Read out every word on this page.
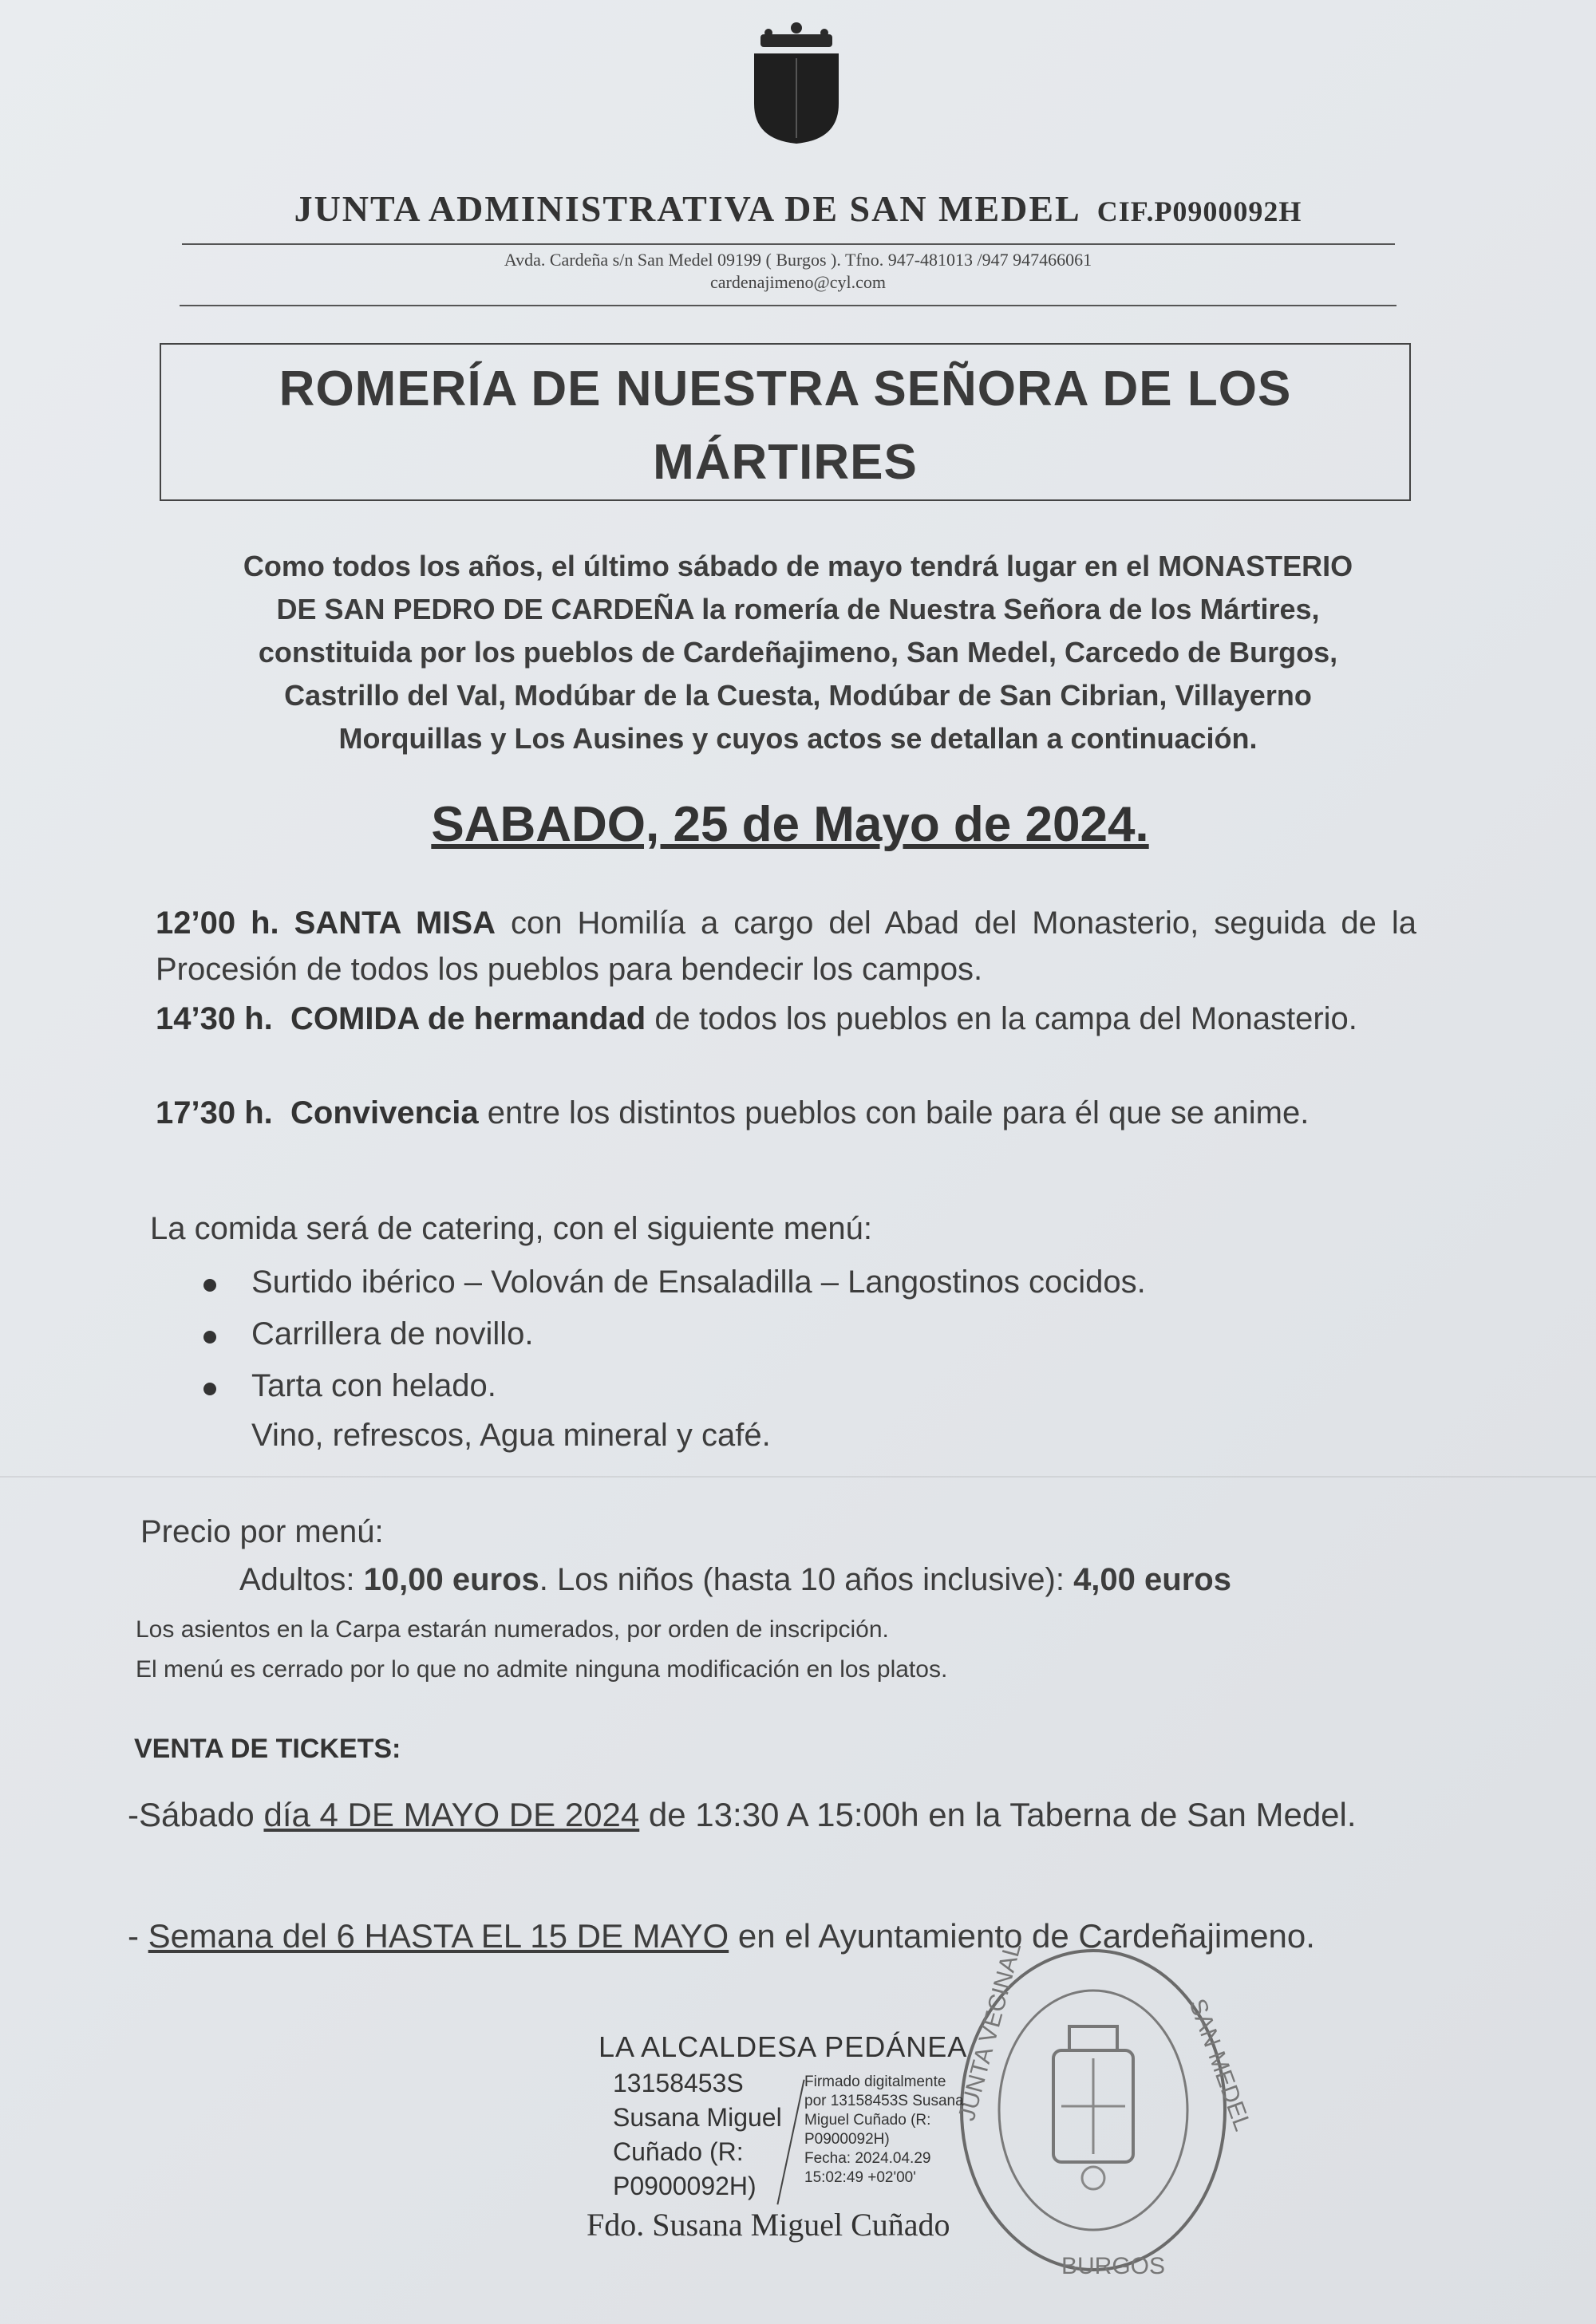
JUNTA ADMINISTRATIVA DE SAN MEDEL CIF.P0900092H
Avda. Cardeña s/n San Medel 09199 ( Burgos ). Tfno. 947-481013 /947 947466061
cardenajimeno@cyl.com
ROMERÍA DE NUESTRA SEÑORA DE LOS
MÁRTIRES
Como todos los años, el último sábado de mayo tendrá lugar en el MONASTERIO
DE SAN PEDRO DE CARDEÑA la romería de Nuestra Señora de los Mártires,
constituida por los pueblos de Cardeñajimeno, San Medel, Carcedo de Burgos,
Castrillo del Val, Modúbar de la Cuesta, Modúbar de San Cibrian, Villayerno
Morquillas y Los Ausines y cuyos actos se detallan a continuación.
SABADO, 25 de Mayo de 2024.
12’00 h. SANTA MISA con Homilía a cargo del Abad del Monasterio, seguida de la Procesión de todos los pueblos para bendecir los campos.
14’30 h. COMIDA de hermandad de todos los pueblos en la campa del Monasterio.
17’30 h. Convivencia entre los distintos pueblos con baile para él que se anime.
La comida será de catering, con el siguiente menú:
Surtido ibérico – Volován de Ensaladilla – Langostinos cocidos.
Carrillera de novillo.
Tarta con helado.
Vino, refrescos, Agua mineral y café.
Precio por menú:
Adultos: 10,00 euros. Los niños (hasta 10 años inclusive): 4,00 euros
Los asientos en la Carpa estarán numerados, por orden de inscripción.
El menú es cerrado por lo que no admite ninguna modificación en los platos.
VENTA DE TICKETS:
-Sábado día 4 DE MAYO DE 2024 de 13:30 A 15:00h en la Taberna de San Medel.
- Semana del 6 HASTA EL 15 DE MAYO en el Ayuntamiento de Cardeñajimeno.
JUNTA VECINAL	SAN MEDEL
BURGOS
LA ALCALDESA PEDÁNEA
13158453S
Susana Miguel
Cuñado (R:
P0900092H)
Firmado digitalmente
por 13158453S Susana
Miguel Cuñado (R:
P0900092H)
Fecha: 2024.04.29
15:02:49 +02'00'
Fdo. Susana Miguel Cuñado
